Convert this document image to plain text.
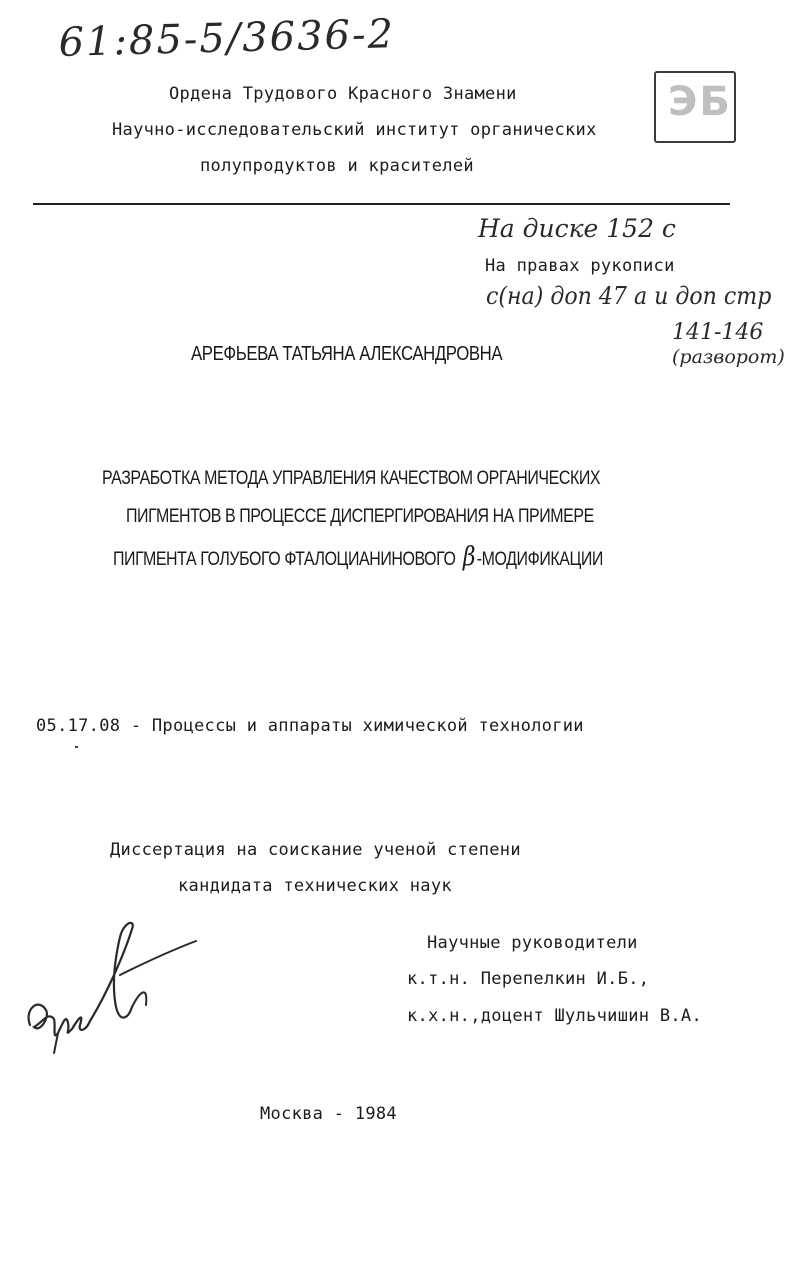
61:85-5/3636-2
ЭБ
Ордена Трудового Красного Знамени
Научно-исследовательский институт органических
полупродуктов и красителей
На диске 152 с
На правах рукописи
с(на) доп 47 а и доп стр
141-146
(разворот)
АРЕФЬЕВА ТАТЬЯНА АЛЕКСАНДРОВНА
РАЗРАБОТКА МЕТОДА УПРАВЛЕНИЯ КАЧЕСТВОМ ОРГАНИЧЕСКИХ
ПИГМЕНТОВ В ПРОЦЕССЕ ДИСПЕРГИРОВАНИЯ НА ПРИМЕРЕ
ПИГМЕНТА ГОЛУБОГО ФТАЛОЦИАНИНОВОГО β-МОДИФИКАЦИИ
05.17.08 - Процессы и аппараты химической технологии
Диссертация на соискание ученой степени
кандидата технических наук
Научные руководители
к.т.н. Перепелкин И.Б.,
к.х.н.,доцент Шульчишин В.А.
Москва - 1984
